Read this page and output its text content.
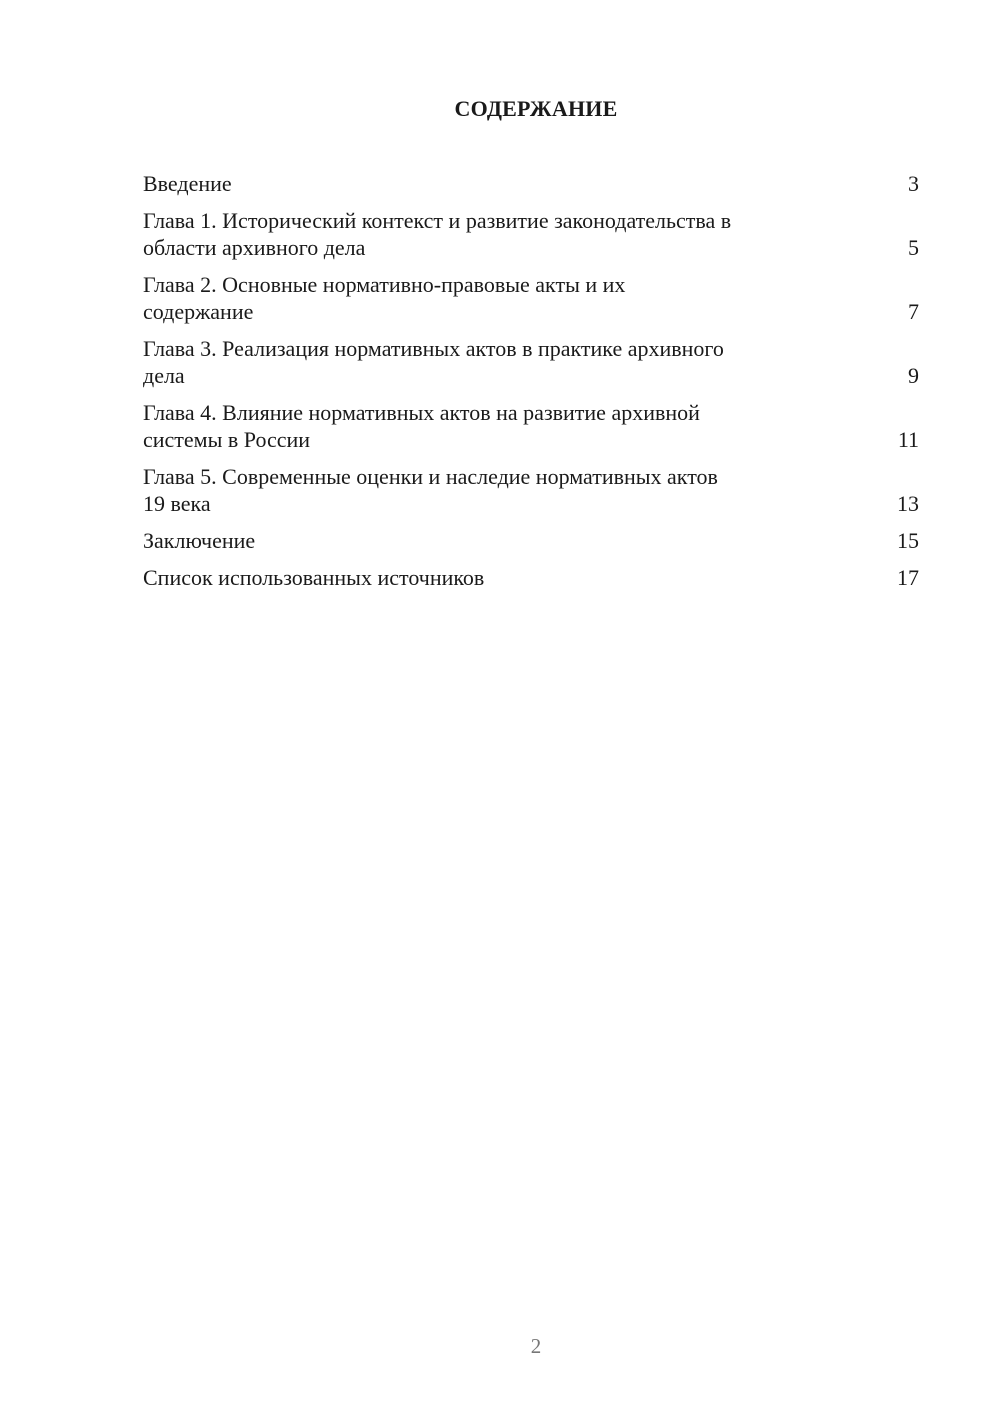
СОДЕРЖАНИЕ
Введение	3
Глава 1. Исторический контекст и развитие законодательства в
области архивного дела	5
Глава 2. Основные нормативно-правовые акты и их
содержание	7
Глава 3. Реализация нормативных актов в практике архивного
дела	9
Глава 4. Влияние нормативных актов на развитие архивной
системы в России	11
Глава 5. Современные оценки и наследие нормативных актов
19 века	13
Заключение	15
Список использованных источников	17
2
